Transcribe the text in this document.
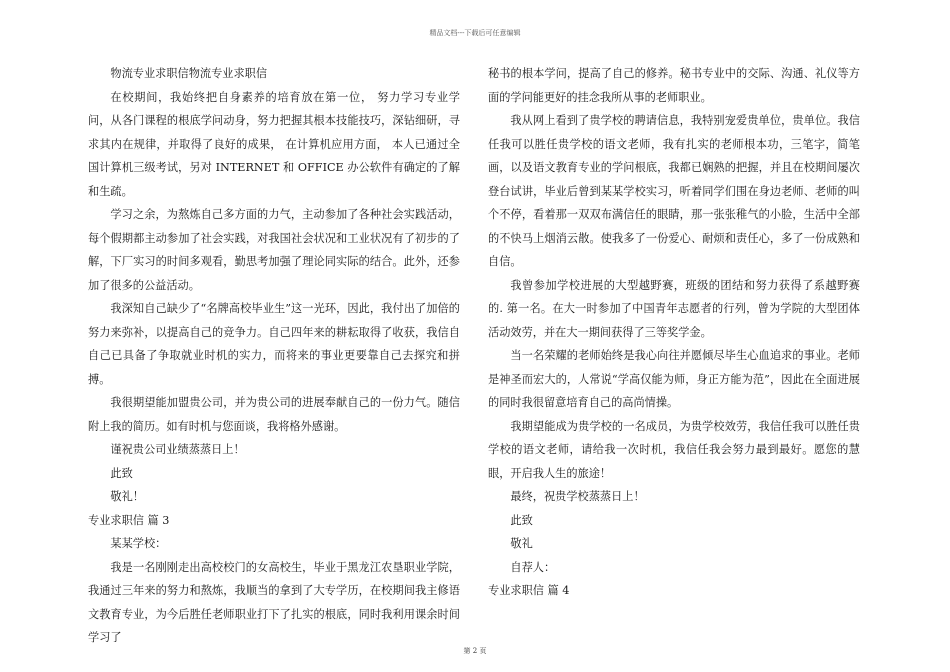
精品文档---下载后可任意编辑

物流专业求职信物流专业求职信

在校期间，我始终把自身素养的培育放在第一位， 努力学习专业学问，从各门课程的根底学问动身，努力把握其根本技能技巧，深钻细研，寻求其内在规律，并取得了良好的成果， 在计算机应用方面， 本人已通过全国计算机三级考试，另对 INTERNET 和 OFFICE 办公软件有确定的了解和生疏。

学习之余，为熬炼自己多方面的力气，主动参加了各种社会实践活动，每个假期都主动参加了社会实践，对我国社会状况和工业状况有了初步的了解，下厂实习的时间多观看，勤思考加强了理论同实际的结合。此外，还参加了很多的公益活动。

我深知自己缺少了“名牌高校毕业生”这一光环，因此，我付出了加倍的努力来弥补，以提高自己的竞争力。自己四年来的耕耘取得了收获，我信自自己已具备了争取就业时机的实力，而将来的事业更要靠自己去探究和拼搏。

我很期望能加盟贵公司，并为贵公司的进展奉献自己的一份力气。随信附上我的简历。如有时机与您面谈，我将格外感谢。

谨祝贵公司业绩蒸蒸日上！

此致

敬礼！

专业求职信 篇 3

某某学校：

我是一名刚刚走出高校校门的女高校生，毕业于黑龙江农垦职业学院，我通过三年来的努力和熬炼，我顺当的拿到了大专学历，在校期间我主修语文教育专业，为今后胜任老师职业打下了扎实的根底，同时我利用课余时间学习了

秘书的根本学问，提高了自己的修养。秘书专业中的交际、沟通、礼仪等方面的学问能更好的挂念我所从事的老师职业。

我从网上看到了贵学校的聘请信息，我特别宠爱贵单位，贵单位。我信任我可以胜任贵学校的语文老师，我有扎实的老师根本功，三笔字，简笔画，以及语文教育专业的学问根底，我都已娴熟的把握，并且在校期间屡次登台试讲，毕业后曾到某某学校实习，听着同学们围在身边老师、老师的叫个不停，看着那一双双布满信任的眼睛，那一张张稚气的小脸，生活中全部的不快马上烟消云散。使我多了一份爱心、耐烦和责任心，多了一份成熟和自信。

我曾参加学校进展的大型越野赛，班级的团结和努力获得了系越野赛的. 第一名。在大一时参加了中国青年志愿者的行列，曾为学院的大型团体活动效劳，并在大一期间获得了三等奖学金。

当一名荣耀的老师始终是我心向往并愿倾尽毕生心血追求的事业。老师是神圣而宏大的，人常说“学高仅能为师，身正方能为范”，因此在全面进展的同时我很留意培育自己的高尚情操。

我期望能成为贵学校的一名成员，为贵学校效劳，我信任我可以胜任贵学校的语文老师，请给我一次时机，我信任我会努力最到最好。愿您的慧眼，开启我人生的旅途！

最终，祝贵学校蒸蒸日上！

此致

敬礼

自荐人：

专业求职信 篇 4

第 2 页
